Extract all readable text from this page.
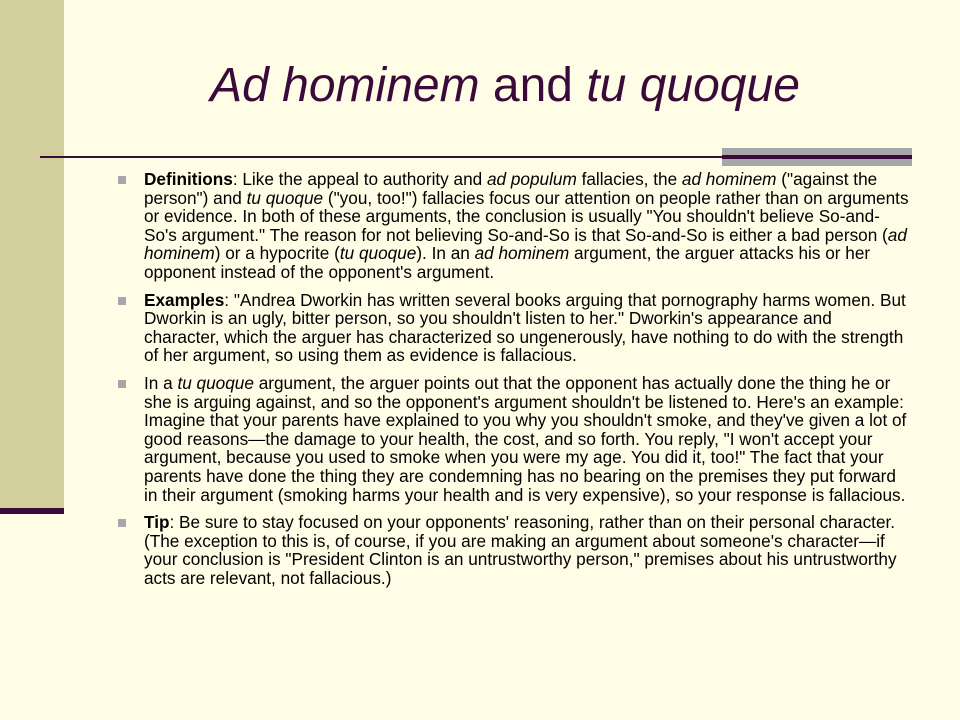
Ad hominem and tu quoque
Definitions: Like the appeal to authority and ad populum fallacies, the ad hominem ("against the person") and tu quoque ("you, too!") fallacies focus our attention on people rather than on arguments or evidence. In both of these arguments, the conclusion is usually "You shouldn't believe So-and-So's argument." The reason for not believing So-and-So is that So-and-So is either a bad person (ad hominem) or a hypocrite (tu quoque). In an ad hominem argument, the arguer attacks his or her opponent instead of the opponent's argument.
Examples: "Andrea Dworkin has written several books arguing that pornography harms women. But Dworkin is an ugly, bitter person, so you shouldn't listen to her." Dworkin's appearance and character, which the arguer has characterized so ungenerously, have nothing to do with the strength of her argument, so using them as evidence is fallacious.
In a tu quoque argument, the arguer points out that the opponent has actually done the thing he or she is arguing against, and so the opponent's argument shouldn't be listened to. Here's an example: Imagine that your parents have explained to you why you shouldn't smoke, and they've given a lot of good reasons—the damage to your health, the cost, and so forth. You reply, "I won't accept your argument, because you used to smoke when you were my age. You did it, too!" The fact that your parents have done the thing they are condemning has no bearing on the premises they put forward in their argument (smoking harms your health and is very expensive), so your response is fallacious.
Tip: Be sure to stay focused on your opponents' reasoning, rather than on their personal character. (The exception to this is, of course, if you are making an argument about someone's character—if your conclusion is "President Clinton is an untrustworthy person," premises about his untrustworthy acts are relevant, not fallacious.)
